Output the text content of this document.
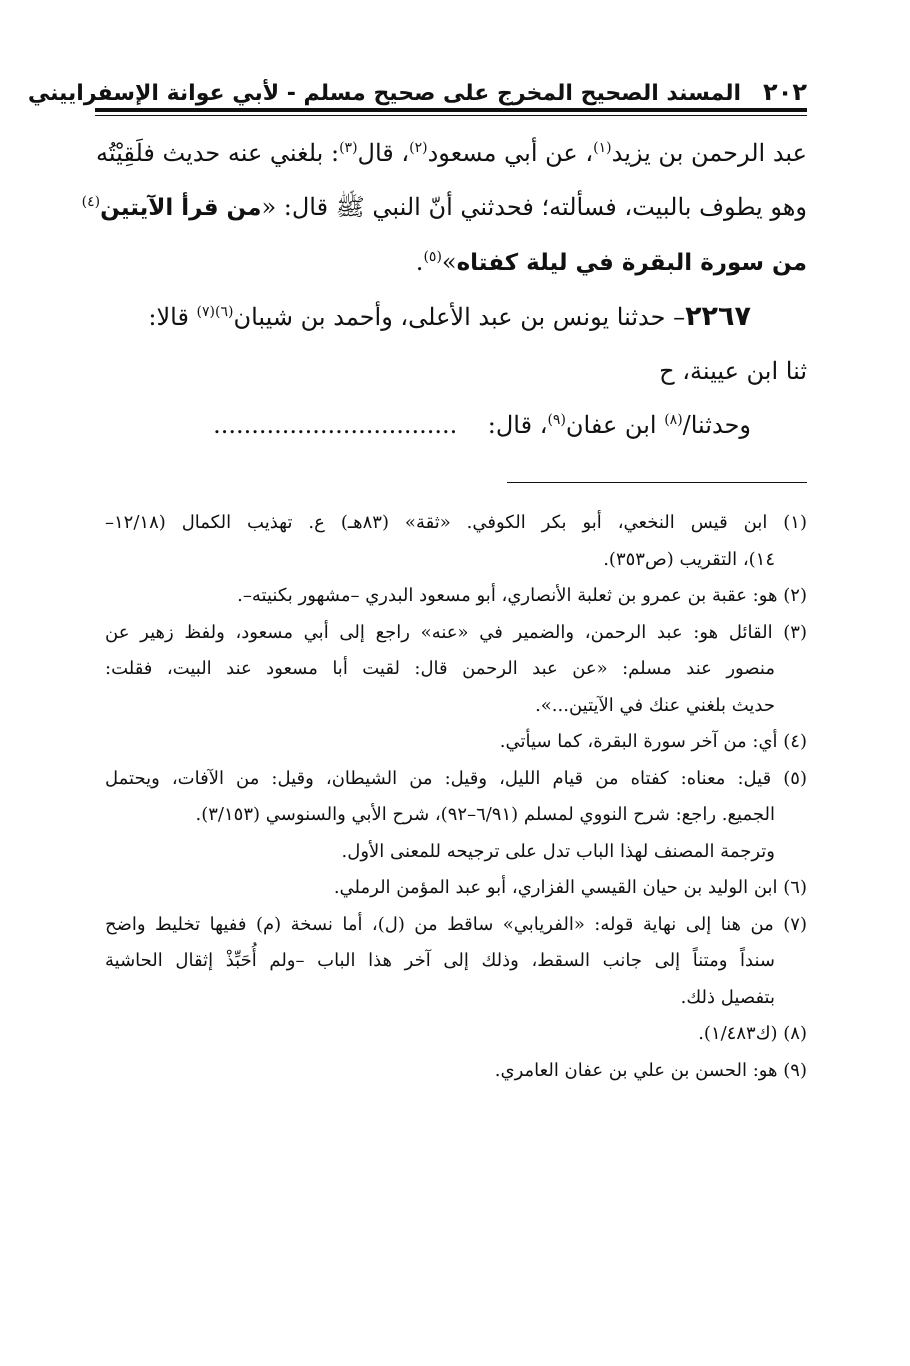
٢٠٢
المسند الصحيح المخرج على صحيح مسلم - لأبي عوانة الإسفراييني
عبد الرحمن بن يزيد$^{(١)}$، عن أبي مسعود$^{(٢)}$، قال$^{(٣)}$: بلغني عنه حديث فلَقِيْتُه
وهو يطوف بالبيت، فسألته؛ فحدثني أنّ النبي ﷺ قال: «من قرأ الآيتين$^{(٤)}$
من سورة البقرة في ليلة كفتاه»$^{(٥)}$.
٢٢٦٧– حدثنا يونس بن عبد الأعلى، وأحمد بن شيبان$^{(٦)(٧)}$ قالا:
ثنا ابن عيينة، ح
وحدثنا/$^{(٨)}$ ابن عفان$^{(٩)}$، قال:    ................................
(١) ابن قيس النخعي، أبو بكر الكوفي. «ثقة» (٨٣هـ) ع. تهذيب الكمال (١٢/١٨–
١٤)، التقريب (ص٣٥٣).
(٢) هو: عقبة بن عمرو بن ثعلبة الأنصاري، أبو مسعود البدري –مشهور بكنيته–.
(٣) القائل هو: عبد الرحمن، والضمير في «عنه» راجع إلى أبي مسعود، ولفظ زهير عن
منصور عند مسلم: «عن عبد الرحمن قال: لقيت أبا مسعود عند البيت، فقلت:
حديث بلغني عنك في الآيتين...».
(٤) أي: من آخر سورة البقرة، كما سيأتي.
(٥) قيل: معناه: كفتاه من قيام الليل، وقيل: من الشيطان، وقيل: من الآفات، ويحتمل
الجميع. راجع: شرح النووي لمسلم (٦/٩١–٩٢)، شرح الأبي والسنوسي (٣/١٥٣).
وترجمة المصنف لهذا الباب تدل على ترجيحه للمعنى الأول.
(٦) ابن الوليد بن حيان القيسي الفزاري، أبو عبد المؤمن الرملي.
(٧) من هنا إلى نهاية قوله: «الفريابي» ساقط من (ل)، أما نسخة (م) ففيها تخليط واضح
سنداً ومتناً إلى جانب السقط، وذلك إلى آخر هذا الباب –ولم أُحَبِّذْ إثقال الحاشية
بتفصيل ذلك.
(٨) (ك١/٤٨٣).
(٩) هو: الحسن بن علي بن عفان العامري.
